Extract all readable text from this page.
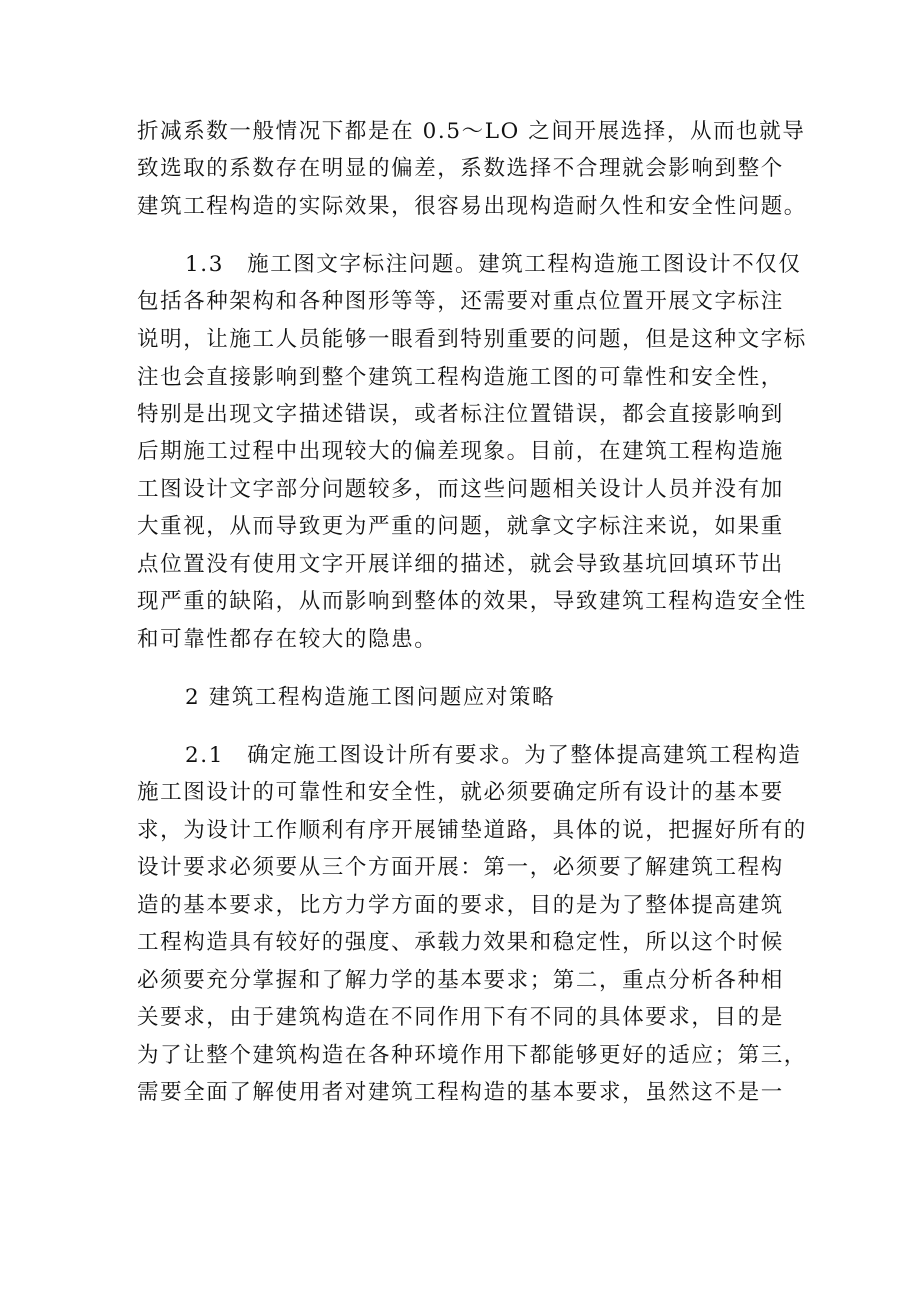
折减系数一般情况下都是在 0.5～LO 之间开展选择，从而也就导
致选取的系数存在明显的偏差，系数选择不合理就会影响到整个
建筑工程构造的实际效果，很容易出现构造耐久性和安全性问题。
1.3　施工图文字标注问题。建筑工程构造施工图设计不仅仅
包括各种架构和各种图形等等，还需要对重点位置开展文字标注
说明，让施工人员能够一眼看到特别重要的问题，但是这种文字标
注也会直接影响到整个建筑工程构造施工图的可靠性和安全性，
特别是出现文字描述错误，或者标注位置错误，都会直接影响到
后期施工过程中出现较大的偏差现象。目前，在建筑工程构造施
工图设计文字部分问题较多，而这些问题相关设计人员并没有加
大重视，从而导致更为严重的问题，就拿文字标注来说，如果重
点位置没有使用文字开展详细的描述，就会导致基坑回填环节出
现严重的缺陷，从而影响到整体的效果，导致建筑工程构造安全性
和可靠性都存在较大的隐患。
2 建筑工程构造施工图问题应对策略
2.1　确定施工图设计所有要求。为了整体提高建筑工程构造
施工图设计的可靠性和安全性，就必须要确定所有设计的基本要
求，为设计工作顺利有序开展铺垫道路，具体的说，把握好所有的
设计要求必须要从三个方面开展：第一，必须要了解建筑工程构
造的基本要求，比方力学方面的要求，目的是为了整体提高建筑
工程构造具有较好的强度、承载力效果和稳定性，所以这个时候
必须要充分掌握和了解力学的基本要求；第二，重点分析各种相
关要求，由于建筑构造在不同作用下有不同的具体要求，目的是
为了让整个建筑构造在各种环境作用下都能够更好的适应；第三，
需要全面了解使用者对建筑工程构造的基本要求，虽然这不是一
